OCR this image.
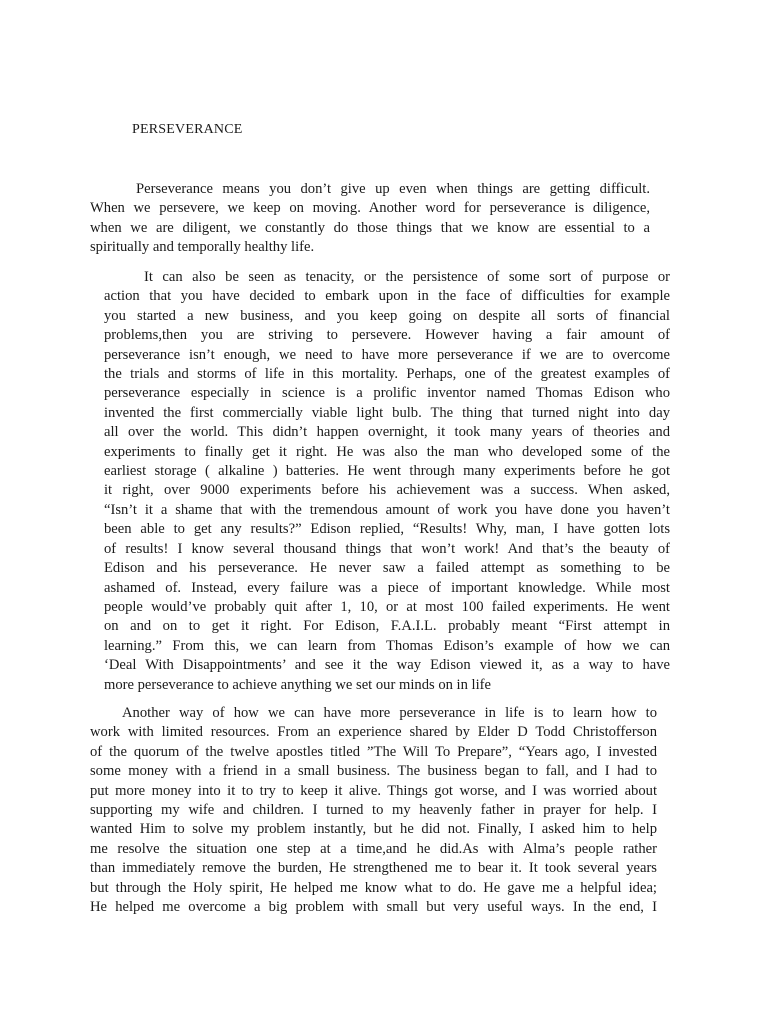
PERSEVERANCE
Perseverance means you don’t give up even when things are getting difficult.
When we persevere, we keep on moving. Another word for perseverance is diligence,
when we are diligent, we constantly do those things that we know are essential to a
spiritually and temporally healthy life.
It can also be seen as tenacity, or the persistence of some sort of purpose or
action that you have decided to embark upon in the face of difficulties for example
you started a new business, and you keep going on despite all sorts of financial
problems,then you are striving to persevere. However having a fair amount of
perseverance isn’t enough, we need to have more perseverance if we are to overcome
the trials and storms of life in this mortality. Perhaps, one of the greatest examples of
perseverance especially in science is a prolific inventor named Thomas Edison who
invented the first commercially viable light bulb. The thing that turned night into day
all over the world. This didn’t happen overnight, it took many years of theories and
experiments to finally get it right. He was also the man who developed some of the
earliest storage ( alkaline ) batteries. He went through many experiments before he got
it right, over 9000 experiments before his achievement was a success. When asked,
“Isn’t it a shame that with the tremendous amount of work you have done you haven’t
been able to get any results?” Edison replied, “Results! Why, man, I have gotten lots
of results! I know several thousand things that won’t work! And that’s the beauty of
Edison and his perseverance. He never saw a failed attempt as something to be
ashamed of. Instead, every failure was a piece of important knowledge. While most
people would’ve probably quit after 1, 10, or at most 100 failed experiments. He went
on and on to get it right. For Edison, F.A.I.L. probably meant “First attempt in
learning.” From this, we can learn from Thomas Edison’s example of how we can
‘Deal With Disappointments’ and see it the way Edison viewed it, as a way to have
more perseverance to achieve anything we set our minds on in life
Another way of how we can have more perseverance in life is to learn how to
work with limited resources. From an experience shared by Elder D Todd Christofferson
of the quorum of the twelve apostles titled ”The Will To Prepare”, “Years ago, I invested
some money with a friend in a small business. The business began to fall, and I had to
put more money into it to try to keep it alive. Things got worse, and I was worried about
supporting my wife and children. I turned to my heavenly father in prayer for help. I
wanted Him to solve my problem instantly, but he did not. Finally, I asked him to help
me resolve the situation one step at a time,and he did.As with Alma’s people rather
than immediately remove the burden, He strengthened me to bear it. It took several years
but through the Holy spirit, He helped me know what to do. He gave me a helpful idea;
He helped me overcome a big problem with small but very useful ways. In the end, I
